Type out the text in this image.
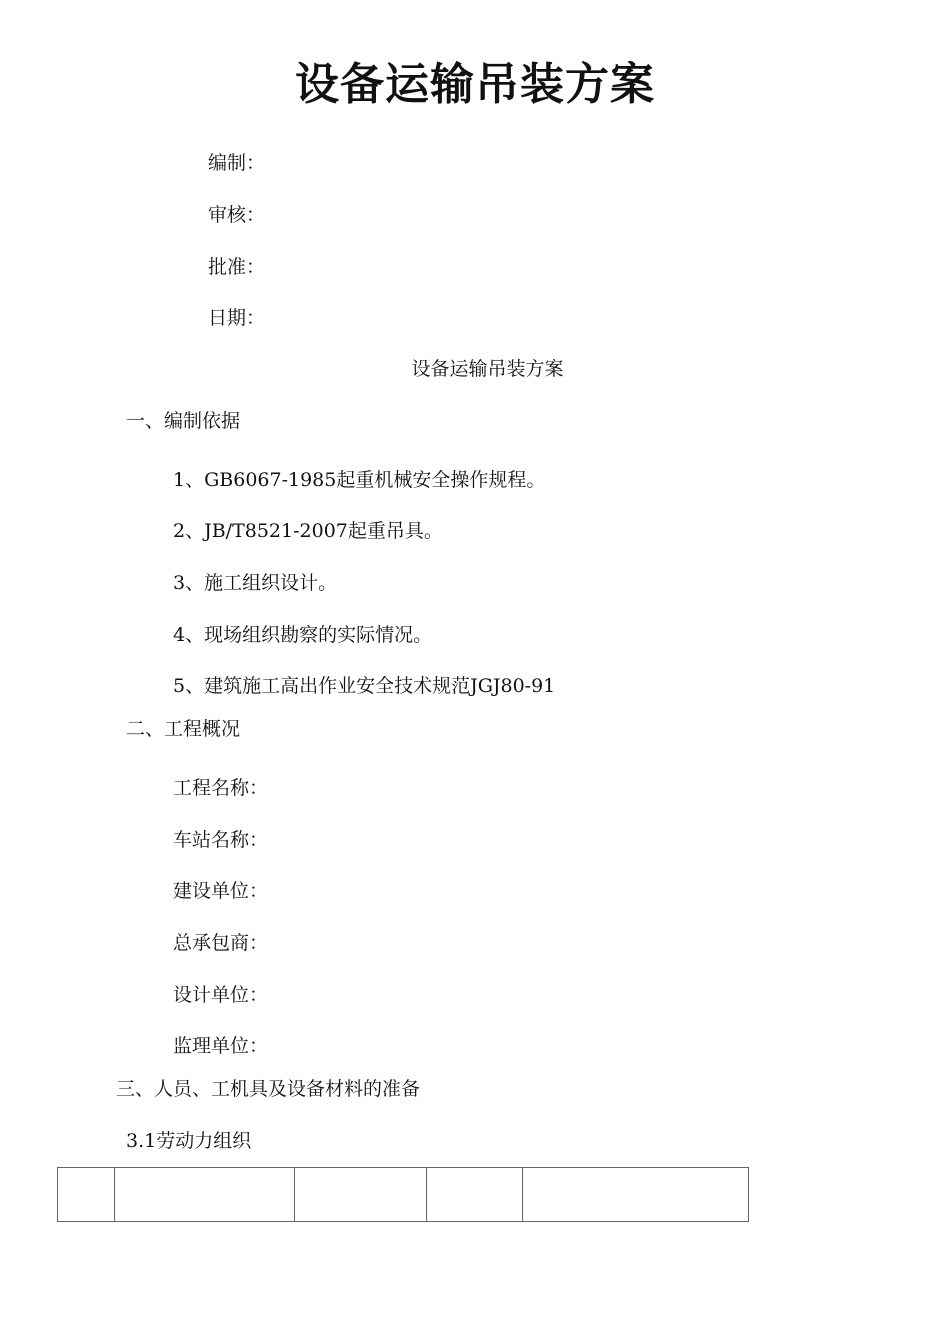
设备运输吊装方案
编制：
审核：
批准：
日期：
设备运输吊装方案
一、编制依据
1、GB6067-1985起重机械安全操作规程。
2、JB/T8521-2007起重吊具。
3、施工组织设计。
4、现场组织勘察的实际情况。
5、建筑施工高出作业安全技术规范JGJ80-91
二、工程概况
工程名称：
车站名称：
建设单位：
总承包商：
设计单位：
监理单位：
三、人员、工机具及设备材料的准备
3.1劳动力组织
